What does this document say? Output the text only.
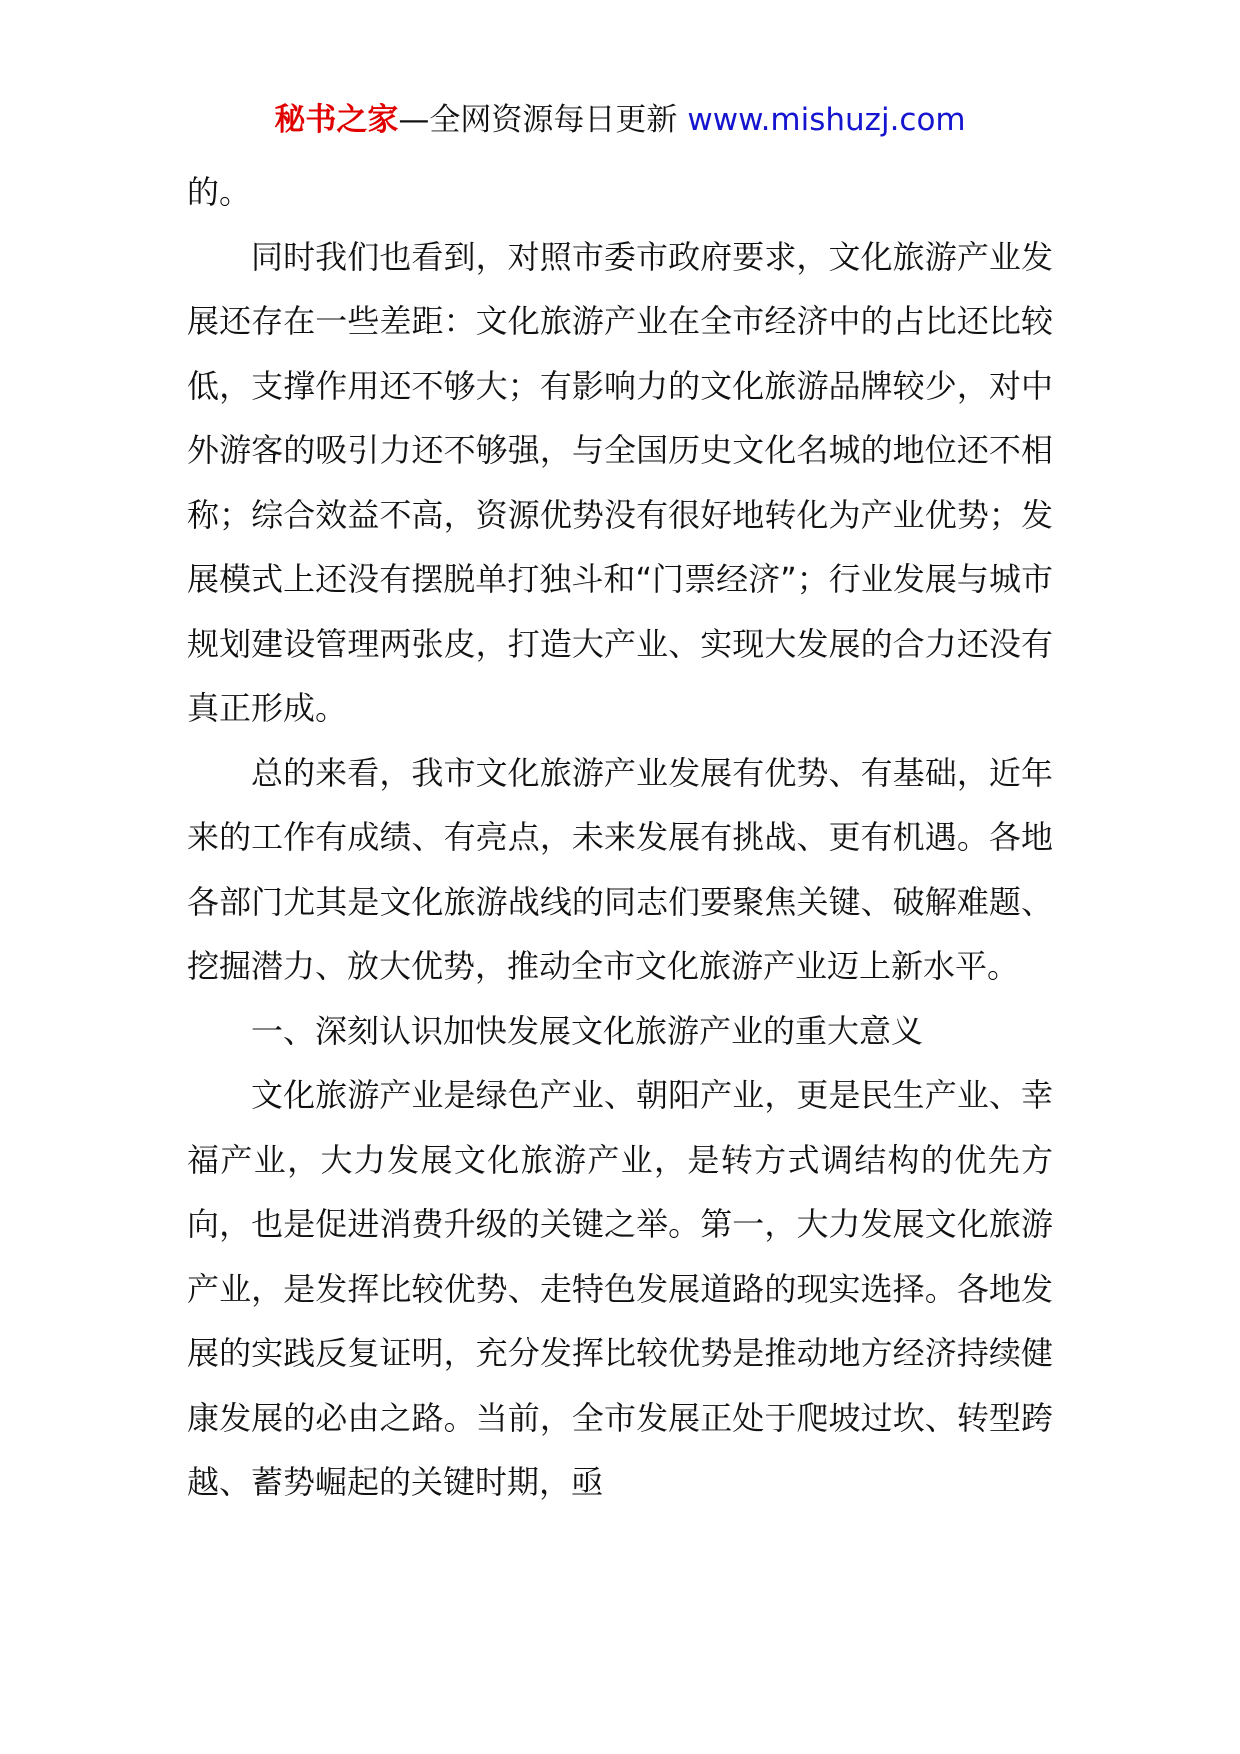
秘书之家—全网资源每日更新 www.mishuzj.com

的。

同时我们也看到，对照市委市政府要求，文化旅游产业发展还存在一些差距：文化旅游产业在全市经济中的占比还比较低，支撑作用还不够大；有影响力的文化旅游品牌较少，对中外游客的吸引力还不够强，与全国历史文化名城的地位还不相称；综合效益不高，资源优势没有很好地转化为产业优势；发展模式上还没有摆脱单打独斗和“门票经济”；行业发展与城市规划建设管理两张皮，打造大产业、实现大发展的合力还没有真正形成。

总的来看，我市文化旅游产业发展有优势、有基础，近年来的工作有成绩、有亮点，未来发展有挑战、更有机遇。各地各部门尤其是文化旅游战线的同志们要聚焦关键、破解难题、挖掘潜力、放大优势，推动全市文化旅游产业迈上新水平。

一、深刻认识加快发展文化旅游产业的重大意义

文化旅游产业是绿色产业、朝阳产业，更是民生产业、幸福产业，大力发展文化旅游产业，是转方式调结构的优先方向，也是促进消费升级的关键之举。第一，大力发展文化旅游产业，是发挥比较优势、走特色发展道路的现实选择。各地发展的实践反复证明，充分发挥比较优势是推动地方经济持续健康发展的必由之路。当前，全市发展正处于爬坡过坎、转型跨越、蓄势崛起的关键时期，亟
